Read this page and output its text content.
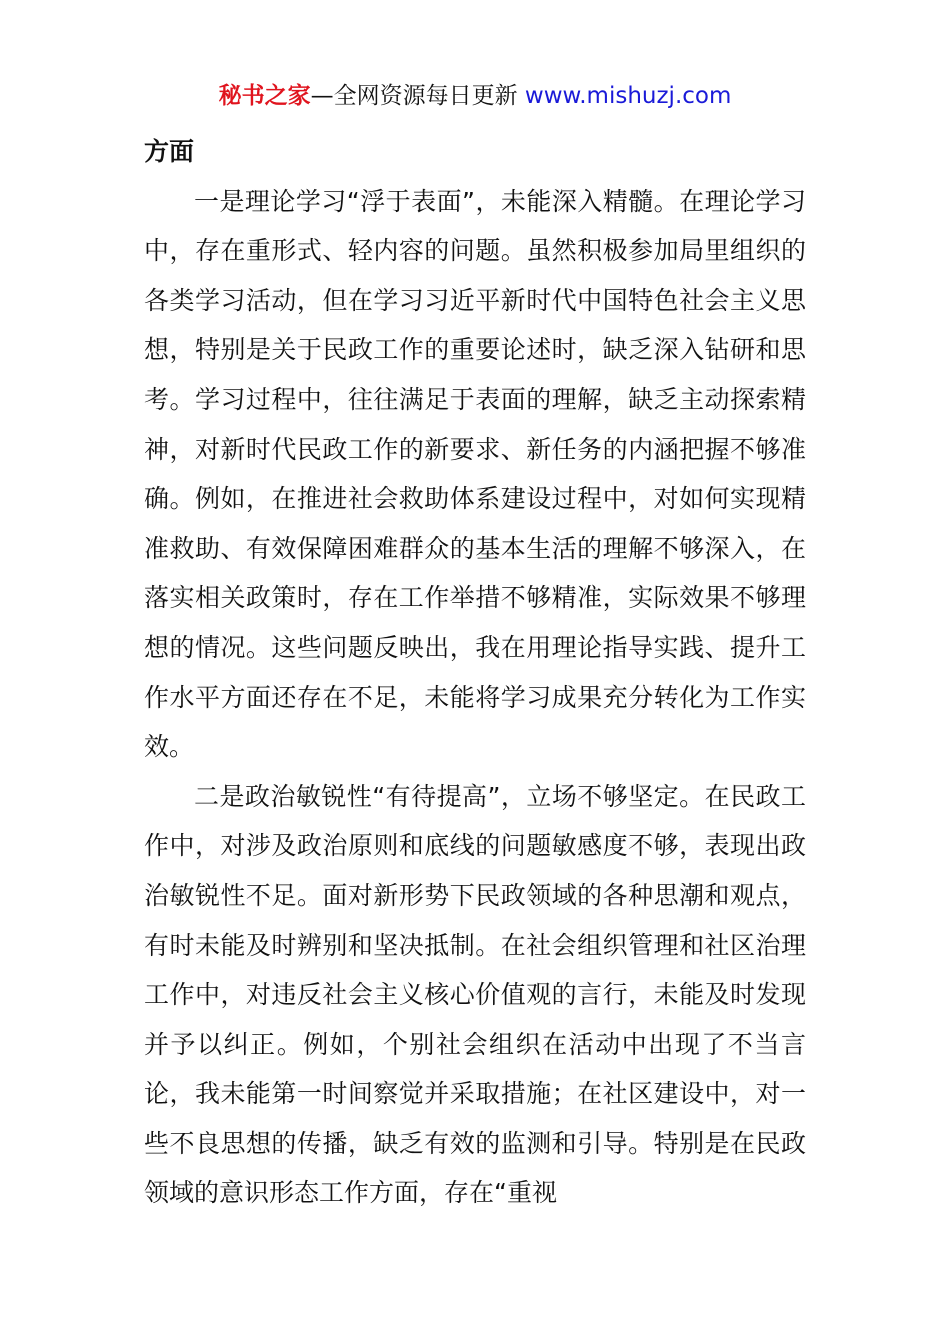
秘书之家—全网资源每日更新 www.mishuzj.com
方面

一是理论学习“浮于表面”，未能深入精髓。在理论学习中，存在重形式、轻内容的问题。虽然积极参加局里组织的各类学习活动，但在学习习近平新时代中国特色社会主义思想，特别是关于民政工作的重要论述时，缺乏深入钻研和思考。学习过程中，往往满足于表面的理解，缺乏主动探索精神，对新时代民政工作的新要求、新任务的内涵把握不够准确。例如，在推进社会救助体系建设过程中，对如何实现精准救助、有效保障困难群众的基本生活的理解不够深入，在落实相关政策时，存在工作举措不够精准，实际效果不够理想的情况。这些问题反映出，我在用理论指导实践、提升工作水平方面还存在不足，未能将学习成果充分转化为工作实效。

二是政治敏锐性“有待提高”，立场不够坚定。在民政工作中，对涉及政治原则和底线的问题敏感度不够，表现出政治敏锐性不足。面对新形势下民政领域的各种思潮和观点，有时未能及时辨别和坚决抵制。在社会组织管理和社区治理工作中，对违反社会主义核心价值观的言行，未能及时发现并予以纠正。例如，个别社会组织在活动中出现了不当言论，我未能第一时间察觉并采取措施；在社区建设中，对一些不良思想的传播，缺乏有效的监测和引导。特别是在民政领域的意识形态工作方面，存在“重视
